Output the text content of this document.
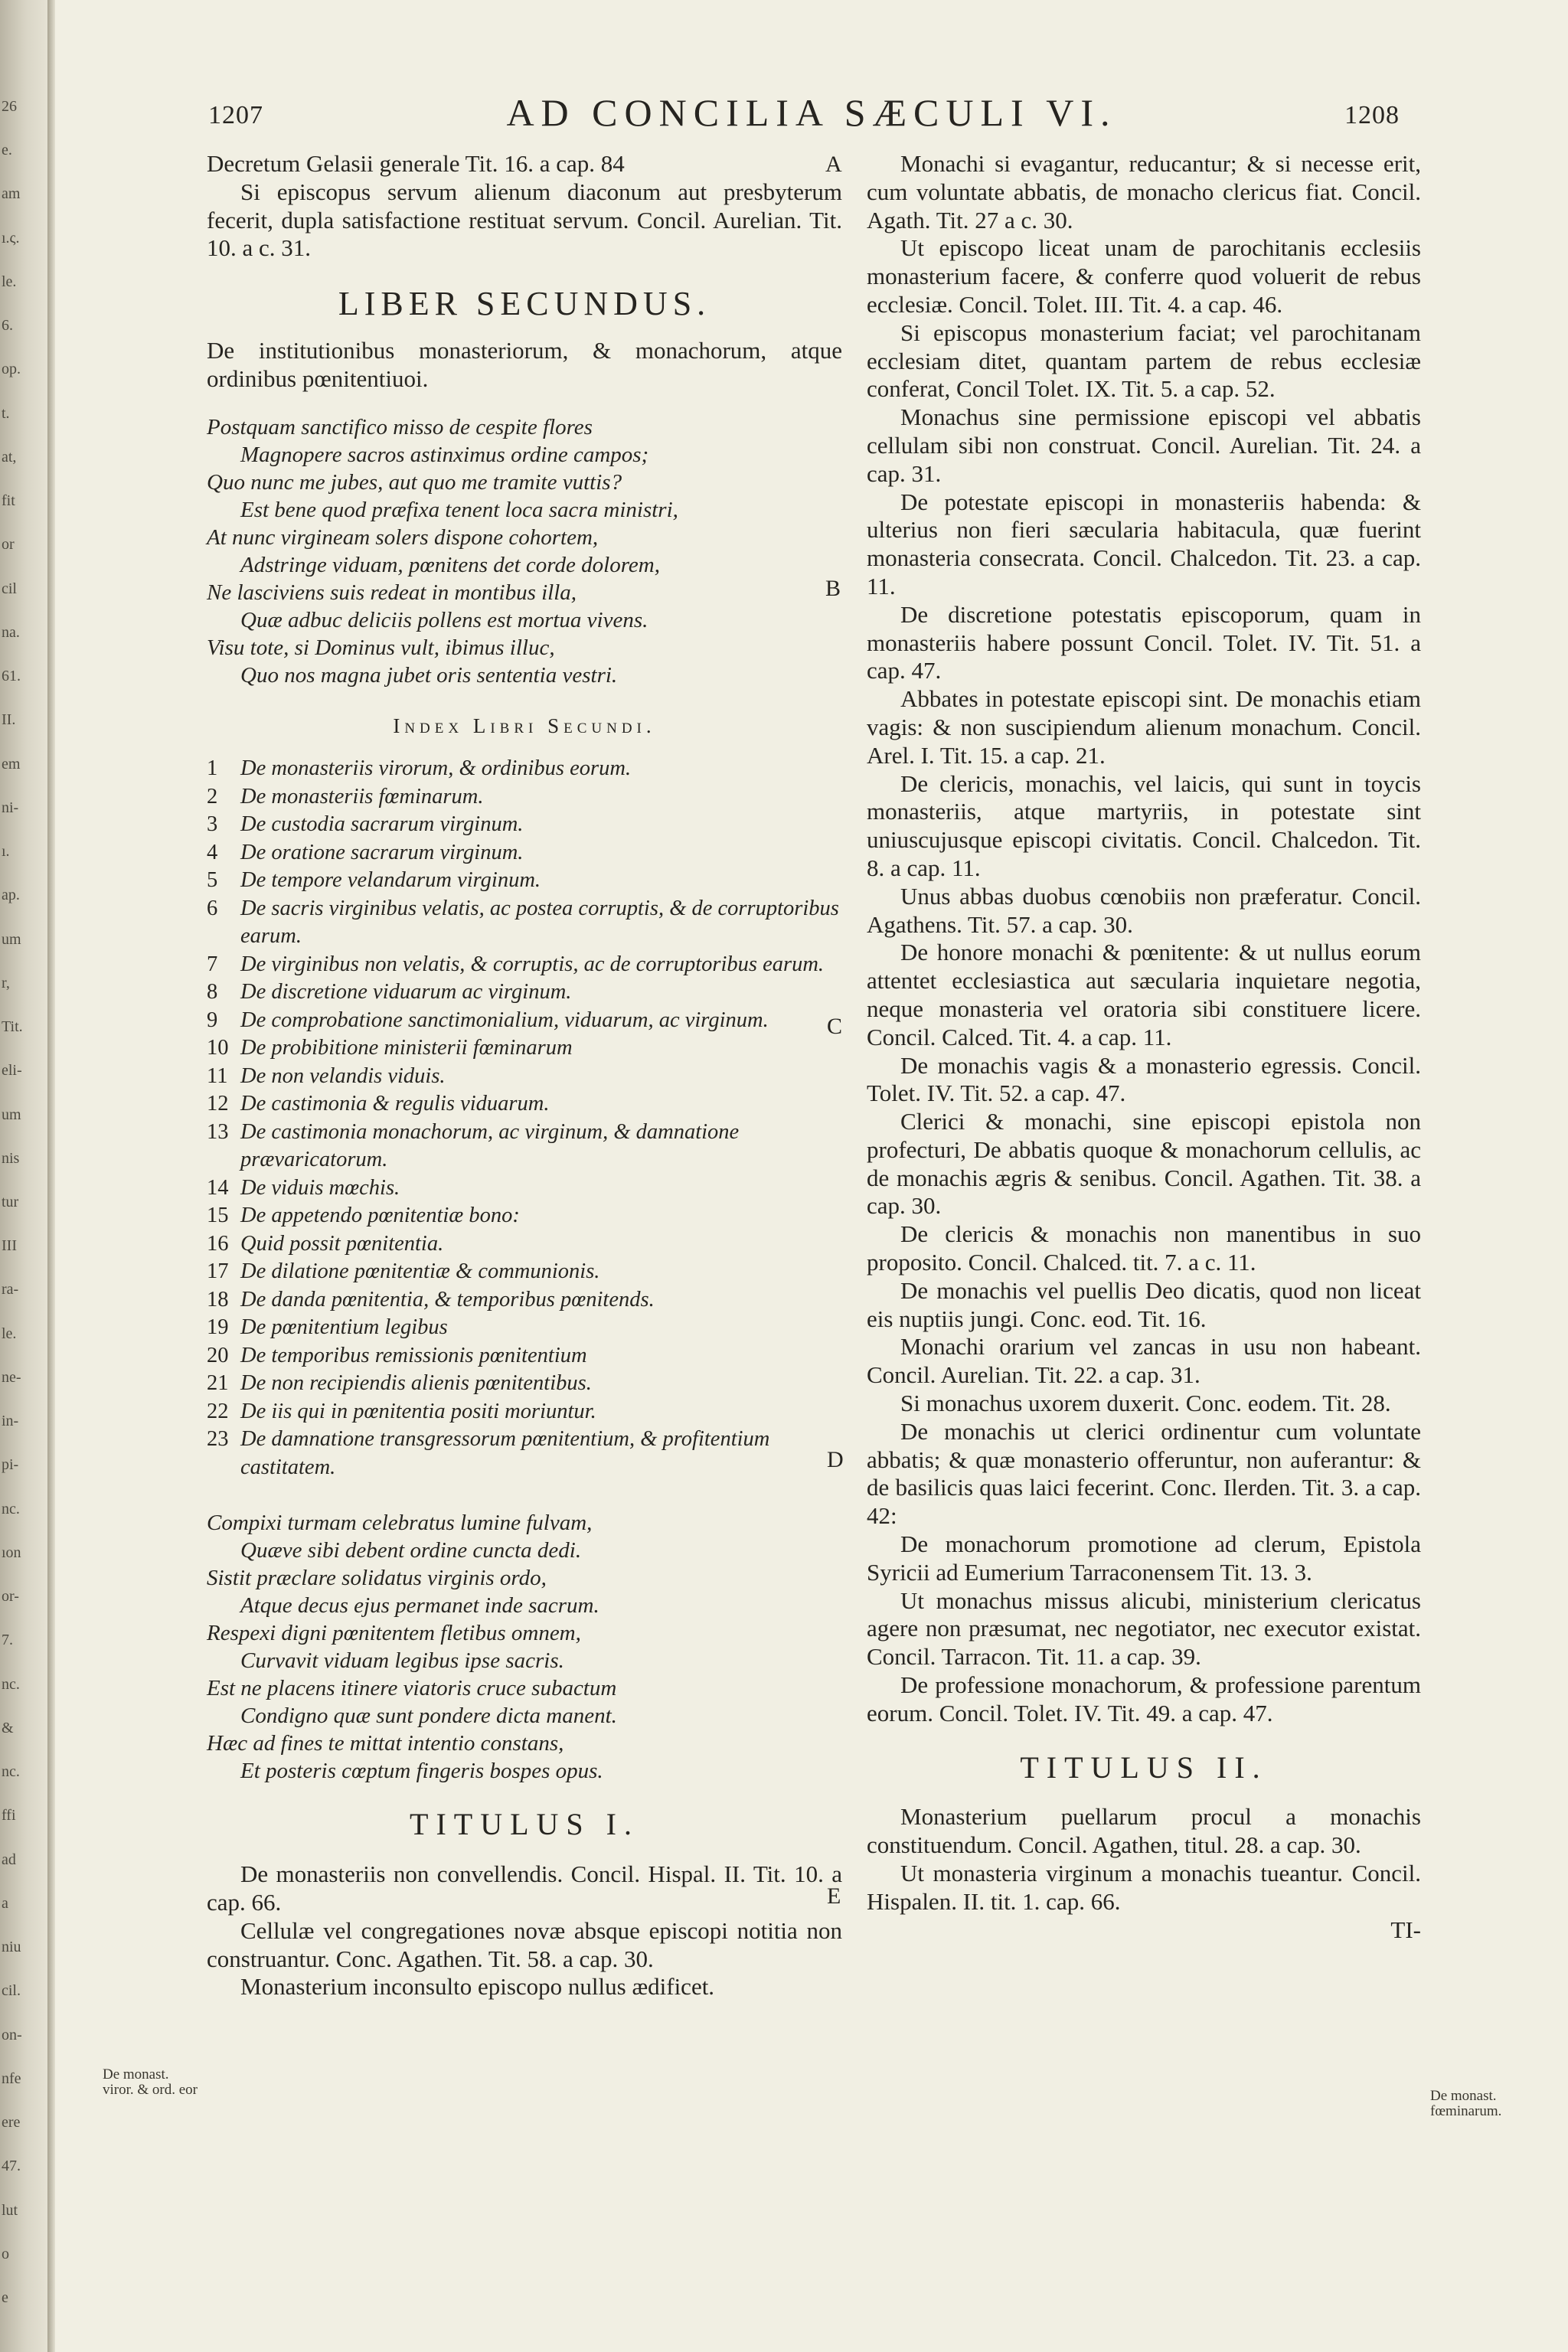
26
e.
am
ı.ς.
le.
6.
op.
t.
at,
fit
or
cil
na.
61.
II.
em
ni-
ı.
ap.
um
r,
Tit.
eli-
um
nis
tur
III
ra-
le.
ne-
in-
pi-
nc.
ıon
or-
7.
nc.
&
nc.
ffi
ad
a
niu
cil.
on-
nfe
ere
47.
lut
o
e
1207	AD CONCILIA SÆCULI VI.	1208
A
B
C
D
E
De monast. viror. & ord. eor	De monast. fœminarum.

Decretum Gelasii generale Tit. 16. a cap. 84

Si episcopus servum alienum diaconum aut presbyterum fecerit, dupla satisfactione restituat servum. Concil. Aurelian. Tit. 10. a c. 31.

LIBER SECUNDUS.

De institutionibus monasteriorum, & monachorum, atque ordinibus pœnitentiuoi.

Postquam sanctifico misso de cespite flores
Magnopere sacros astinximus ordine campos;
Quo nunc me jubes, aut quo me tramite vuttis?
Est bene quod præfixa tenent loca sacra ministri,
At nunc virgineam solers dispone cohortem,
Adstringe viduam, pœnitens det corde dolorem,
Ne lasciviens suis redeat in montibus illa,
Quæ adbuc deliciis pollens est mortua vivens.
Visu tote, si Dominus vult, ibimus illuc,
Quo nos magna jubet oris sententia vestri.
Index Libri Secundi.
1	De monasteriis virorum, & ordinibus eorum.
2	De monasteriis fœminarum.
3	De custodia sacrarum virginum.
4	De oratione sacrarum virginum.
5	De tempore velandarum virginum.
6	De sacris virginibus velatis, ac postea corruptis, & de corruptoribus earum.
7	De virginibus non velatis, & corruptis, ac de corruptoribus earum.
8	De discretione viduarum ac virginum.
9	De comprobatione sanctimonialium, viduarum, ac virginum.
10 De probibitione ministerii fœminarum
11 De non velandis viduis.
12 De castimonia & regulis viduarum.
13 De castimonia monachorum, ac virginum, & damnatione prævaricatorum.
14 De viduis mœchis.
15 De appetendo pœnitentiæ bono:
16 Quid possit pœnitentia.
17 De dilatione pœnitentiæ & communionis.
18 De danda pœnitentia, & temporibus pœnitends.
19 De pœnitentium legibus
20 De temporibus remissionis pœnitentium
21 De non recipiendis alienis pœnitentibus.
22 De iis qui in pœnitentia positi moriuntur.
23 De damnatione transgressorum pœnitentium, & profitentium castitatem.
Compixi turmam celebratus lumine fulvam,
Quæve sibi debent ordine cuncta dedi.
Sistit præclare solidatus virginis ordo,
Atque decus ejus permanet inde sacrum.
Respexi digni pœnitentem fletibus omnem,
Curvavit viduam legibus ipse sacris.
Est ne placens itinere viatoris cruce subactum
Condigno quæ sunt pondere dicta manent.
Hæc ad fines te mittat intentio constans,
Et posteris cœptum fingeris bospes opus.
TITULUS I.

De monasteriis non convellendis. Concil. Hispal. II. Tit. 10. a cap. 66.

Cellulæ vel congregationes novæ absque episcopi notitia non construantur. Conc. Agathen. Tit. 58. a cap. 30.

Monasterium inconsulto episcopo nullus ædificet.

Monachi si evagantur, reducantur; & si necesse erit, cum voluntate abbatis, de monacho clericus fiat. Concil. Agath. Tit. 27 a c. 30.

Ut episcopo liceat unam de parochitanis ecclesiis monasterium facere, & conferre quod voluerit de rebus ecclesiæ. Concil. Tolet. III. Tit. 4. a cap. 46.

Si episcopus monasterium faciat; vel parochitanam ecclesiam ditet, quantam partem de rebus ecclesiæ conferat, Concil Tolet. IX. Tit. 5. a cap. 52.

Monachus sine permissione episcopi vel abbatis cellulam sibi non construat. Concil. Aurelian. Tit. 24. a cap. 31.

De potestate episcopi in monasteriis habenda: & ulterius non fieri sæcularia habitacula, quæ fuerint monasteria consecrata. Concil. Chalcedon. Tit. 23. a cap. 11.

De discretione potestatis episcoporum, quam in monasteriis habere possunt Concil. Tolet. IV. Tit. 51. a cap. 47.

Abbates in potestate episcopi sint. De monachis etiam vagis: & non suscipiendum alienum monachum. Concil. Arel. I. Tit. 15. a cap. 21.

De clericis, monachis, vel laicis, qui sunt in toycis monasteriis, atque martyriis, in potestate sint uniuscujusque episcopi civitatis. Concil. Chalcedon. Tit. 8. a cap. 11.

Unus abbas duobus cœnobiis non præferatur. Concil. Agathens. Tit. 57. a cap. 30.

De honore monachi & pœnitente: & ut nullus eorum attentet ecclesiastica aut sæcularia inquietare negotia, neque monasteria vel oratoria sibi constituere licere. Concil. Calced. Tit. 4. a cap. 11.

De monachis vagis & a monasterio egressis. Concil. Tolet. IV. Tit. 52. a cap. 47.

Clerici & monachi, sine episcopi epistola non profecturi, De abbatis quoque & monachorum cellulis, ac de monachis ægris & senibus. Concil. Agathen. Tit. 38. a cap. 30.

De clericis & monachis non manentibus in suo proposito. Concil. Chalced. tit. 7. a c. 11.

De monachis vel puellis Deo dicatis, quod non liceat eis nuptiis jungi. Conc. eod. Tit. 16.

Monachi orarium vel zancas in usu non habeant. Concil. Aurelian. Tit. 22. a cap. 31.

Si monachus uxorem duxerit. Conc. eodem. Tit. 28.

De monachis ut clerici ordinentur cum voluntate abbatis; & quæ monasterio offeruntur, non auferantur: & de basilicis quas laici fecerint. Conc. Ilerden. Tit. 3. a cap. 42:

De monachorum promotione ad clerum, Epistola Syricii ad Eumerium Tarraconensem Tit. 13. 3.

Ut monachus missus alicubi, ministerium clericatus agere non præsumat, nec negotiator, nec executor existat. Concil. Tarracon. Tit. 11. a cap. 39.

De professione monachorum, & professione parentum eorum. Concil. Tolet. IV. Tit. 49. a cap. 47.

TITULUS II.

Monasterium puellarum procul a monachis constituendum. Concil. Agathen, titul. 28. a cap. 30.

Ut monasteria virginum a monachis tueantur. Concil. Hispalen. II. tit. 1. cap. 66.

TI-
